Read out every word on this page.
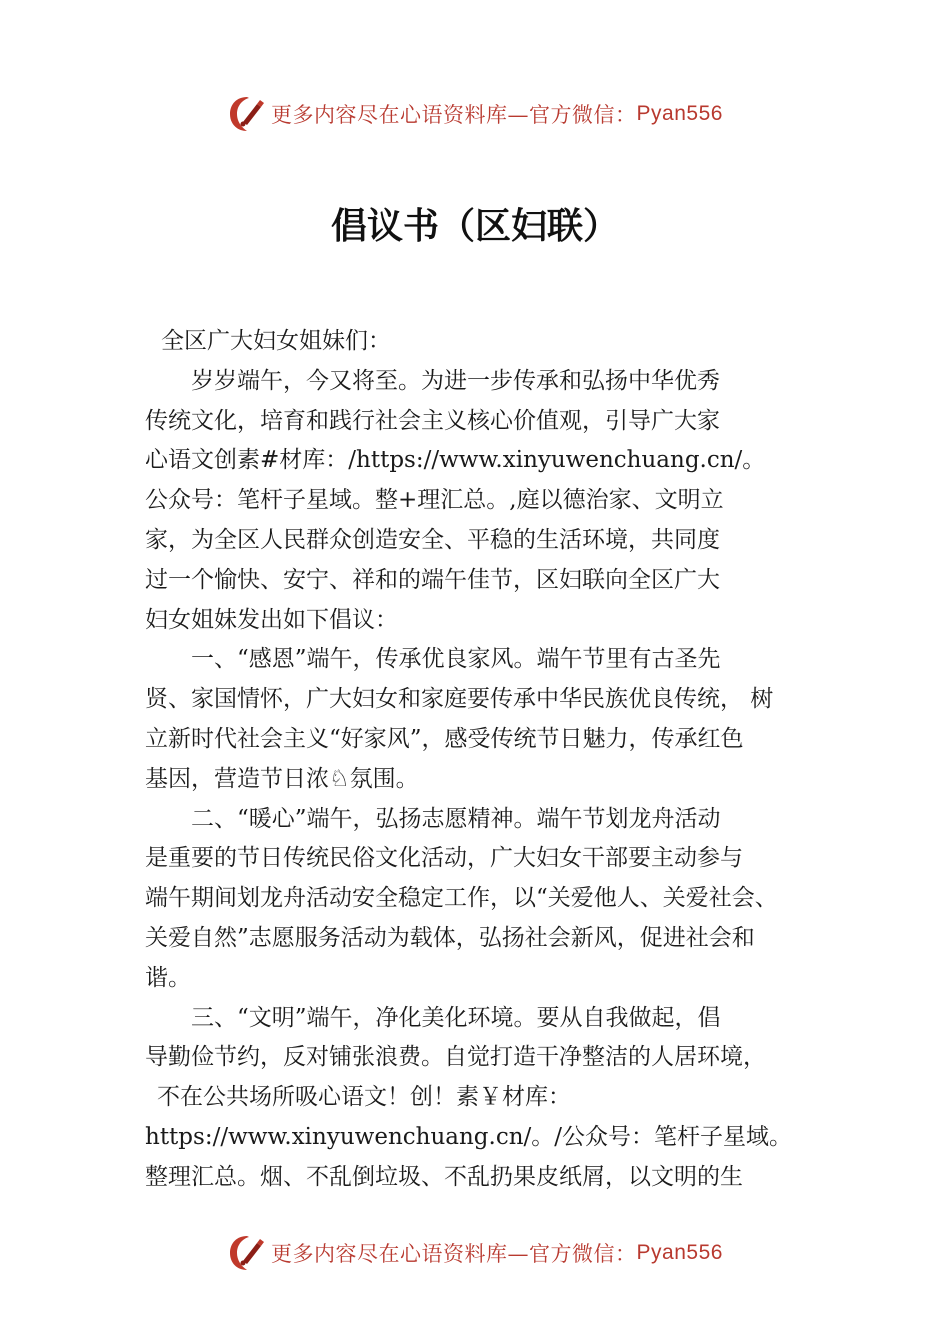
更多内容尽在心语资料库—官方微信： Pyan556
倡议书（区妇联）
全区广大妇女姐妹们：
岁岁端午，今又将至。为进一步传承和弘扬中华优秀
传统文化，培育和践行社会主义核心价值观，引导广大家
心语文创素#材库：/https://www.xinyuwenchuang.cn/。
公众号：笔杆子星域。整+理汇总。,庭以德治家、文明立
家，为全区人民群众创造安全、平稳的生活环境，共同度
过一个愉快、安宁、祥和的端午佳节，区妇联向全区广大
妇女姐妹发出如下倡议：
一、“感恩”端午，传承优良家风。端午节里有古圣先
贤、家国情怀，广大妇女和家庭要传承中华民族优良传统， 树
立新时代社会主义“好家风”，感受传统节日魅力，传承红色
基因，营造节日浓♘氛围。
二、“暖心”端午，弘扬志愿精神。端午节划龙舟活动
是重要的节日传统民俗文化活动，广大妇女干部要主动参与
端午期间划龙舟活动安全稳定工作，以“关爱他人、关爱社会、
关爱自然”志愿服务活动为载体，弘扬社会新风，促进社会和
谐。
三、“文明”端午，净化美化环境。要从自我做起，倡
导勤俭节约，反对铺张浪费。自觉打造干净整洁的人居环境，
不在公共场所吸心语文！创！素￥材库：
https://www.xinyuwenchuang.cn/。/公众号：笔杆子星域。
整理汇总。烟、不乱倒垃圾、不乱扔果皮纸屑，以文明的生
更多内容尽在心语资料库—官方微信： Pyan556
